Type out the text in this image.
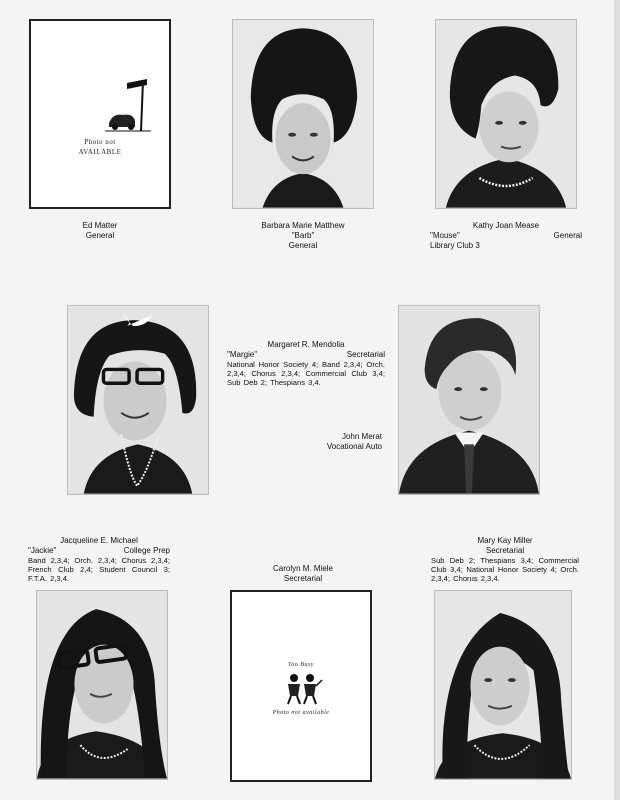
Photo not
AVAILABLE
Ed Matter
General
Barbara Marie Matthew
"Barb"
General
Kathy Joan Mease
"Mouse"	General
Library Club 3
Margaret R. Mendolia
"Margie"	Secretarial
National Honor Society 4; Band 2,3,4; Orch. 2,3,4; Chorus 2,3,4; Commercial Club 3,4; Sub Deb 2; Thespians 3,4.
John Merat
Vocational Auto
Jacqueline E. Michael
"Jackie"	College Prep
Band 2,3,4; Orch. 2,3,4; Chorus 2,3,4; French Club 2,4; Student Council 3; F.T.A. 2,3,4.
Carolyn M. Miele
Secretarial
Mary Kay Miller
Secretarial
Sub Deb 2; Thespians 3,4; Commercial Club 3,4; National Honor Society 4; Orch. 2,3,4; Chorus 2,3,4.
Too Busy
Photo not available
